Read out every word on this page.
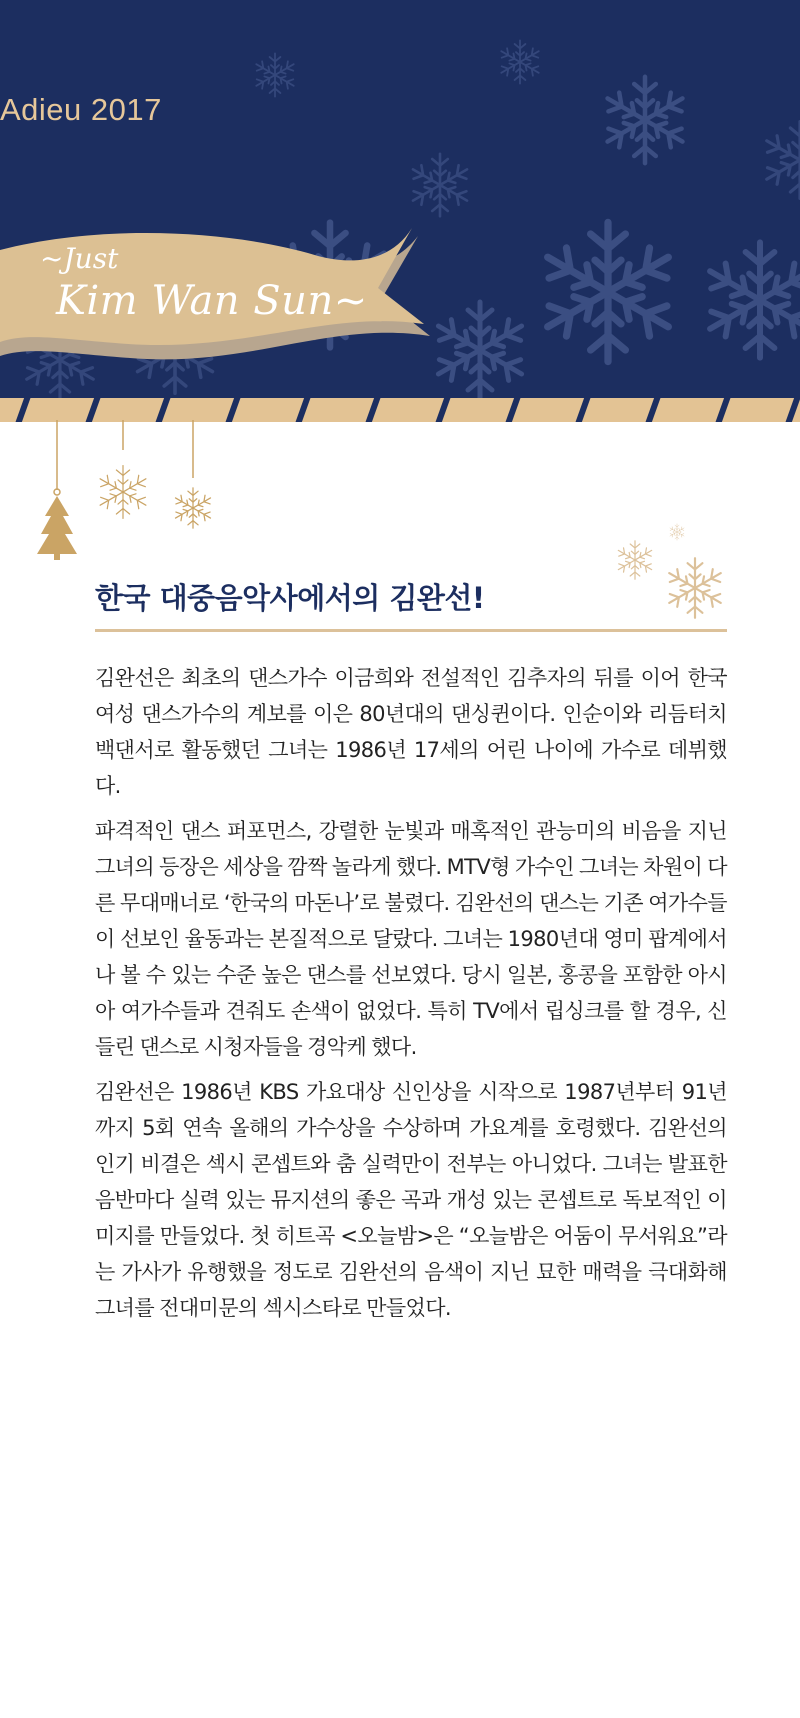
Adieu 2017
~Just
Kim Wan Sun~
한국 대중음악사에서의 김완선!

김완선은 최초의 댄스가수 이금희와 전설적인 김추자의 뒤를 이어 한국 여성 댄스가수의 계보를 이은 80년대의 댄싱퀸이다. 인순이와 리듬터치 백댄서로 활동했던 그녀는 1986년 17세의 어린 나이에 가수로 데뷔했다.

파격적인 댄스 퍼포먼스, 강렬한 눈빛과 매혹적인 관능미의 비음을 지닌 그녀의 등장은 세상을 깜짝 놀라게 했다. MTV형 가수인 그녀는 차원이 다른 무대매너로 ‘한국의 마돈나’로 불렸다. 김완선의 댄스는 기존 여가수들이 선보인 율동과는 본질적으로 달랐다. 그녀는 1980년대 영미 팝계에서나 볼 수 있는 수준 높은 댄스를 선보였다. 당시 일본, 홍콩을 포함한 아시아 여가수들과 견줘도 손색이 없었다. 특히 TV에서 립싱크를 할 경우, 신들린 댄스로 시청자들을 경악케 했다.

김완선은 1986년 KBS 가요대상 신인상을 시작으로 1987년부터 91년까지 5회 연속 올해의 가수상을 수상하며 가요계를 호령했다. 김완선의 인기 비결은 섹시 콘셉트와 춤 실력만이 전부는 아니었다. 그녀는 발표한 음반마다 실력 있는 뮤지션의 좋은 곡과 개성 있는 콘셉트로 독보적인 이미지를 만들었다. 첫 히트곡 <오늘밤>은 “오늘밤은 어둠이 무서워요”라는 가사가 유행했을 정도로 김완선의 음색이 지닌 묘한 매력을 극대화해 그녀를 전대미문의 섹시스타로 만들었다.
